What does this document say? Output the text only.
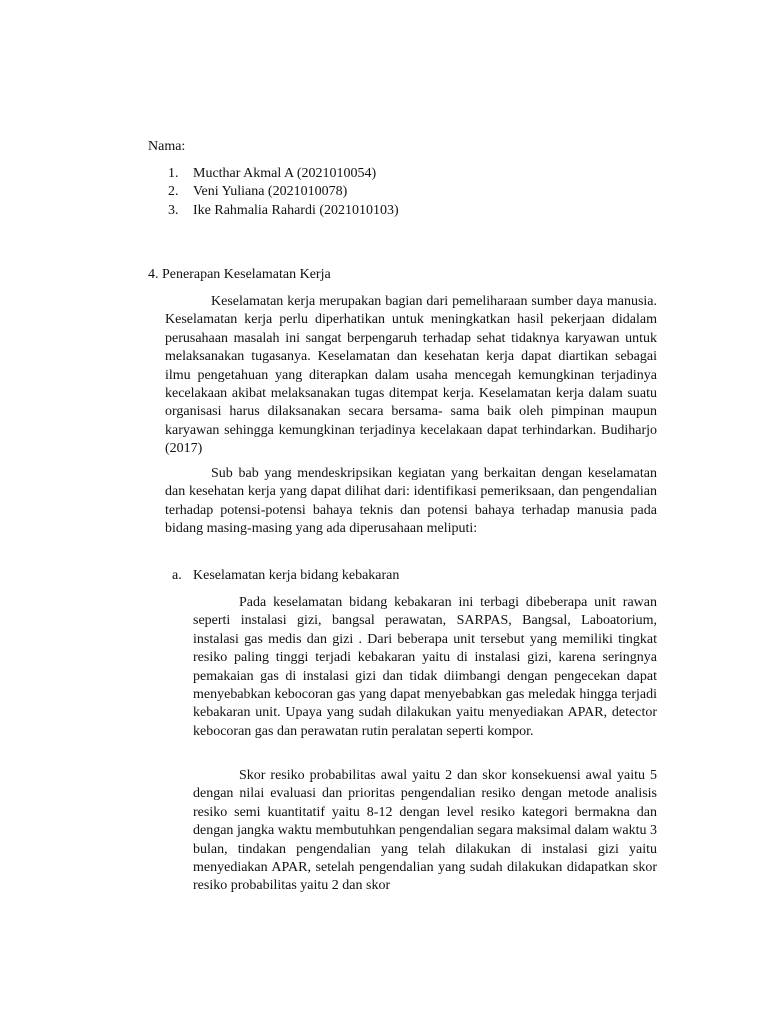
Nama:
1. Mucthar Akmal A (2021010054)
2. Veni Yuliana (2021010078)
3. Ike Rahmalia Rahardi (2021010103)
4. Penerapan Keselamatan Kerja

Keselamatan kerja merupakan bagian dari pemeliharaan sumber daya manusia. Keselamatan kerja perlu diperhatikan untuk meningkatkan hasil pekerjaan didalam perusahaan masalah ini sangat berpengaruh terhadap sehat tidaknya karyawan untuk melaksanakan tugasanya. Keselamatan dan kesehatan kerja dapat diartikan sebagai ilmu pengetahuan yang diterapkan dalam usaha mencegah kemungkinan terjadinya kecelakaan akibat melaksanakan tugas ditempat kerja. Keselamatan kerja dalam suatu organisasi harus dilaksanakan secara bersama- sama baik oleh pimpinan maupun karyawan sehingga kemungkinan terjadinya kecelakaan dapat terhindarkan. Budiharjo (2017)

Sub bab yang mendeskripsikan kegiatan yang berkaitan dengan keselamatan dan kesehatan kerja yang dapat dilihat dari: identifikasi pemeriksaan, dan pengendalian terhadap potensi-potensi bahaya teknis dan potensi bahaya terhadap manusia pada bidang masing-masing yang ada diperusahaan meliputi:

a. Keselamatan kerja bidang kebakaran

Pada keselamatan bidang kebakaran ini terbagi dibeberapa unit rawan seperti instalasi gizi, bangsal perawatan, SARPAS, Bangsal, Laboatorium, instalasi gas medis dan gizi . Dari beberapa unit tersebut yang memiliki tingkat resiko paling tinggi terjadi kebakaran yaitu di instalasi gizi, karena seringnya pemakaian gas di instalasi gizi dan tidak diimbangi dengan pengecekan dapat menyebabkan kebocoran gas yang dapat menyebabkan gas meledak hingga terjadi kebakaran unit. Upaya yang sudah dilakukan yaitu menyediakan APAR, detector kebocoran gas dan perawatan rutin peralatan seperti kompor.

Skor resiko probabilitas awal yaitu 2 dan skor konsekuensi awal yaitu 5 dengan nilai evaluasi dan prioritas pengendalian resiko dengan metode analisis resiko semi kuantitatif yaitu 8-12 dengan level resiko kategori bermakna dan dengan jangka waktu membutuhkan pengendalian segara maksimal dalam waktu 3 bulan, tindakan pengendalian yang telah dilakukan di instalasi gizi yaitu menyediakan APAR, setelah pengendalian yang sudah dilakukan didapatkan skor resiko probabilitas yaitu 2 dan skor
